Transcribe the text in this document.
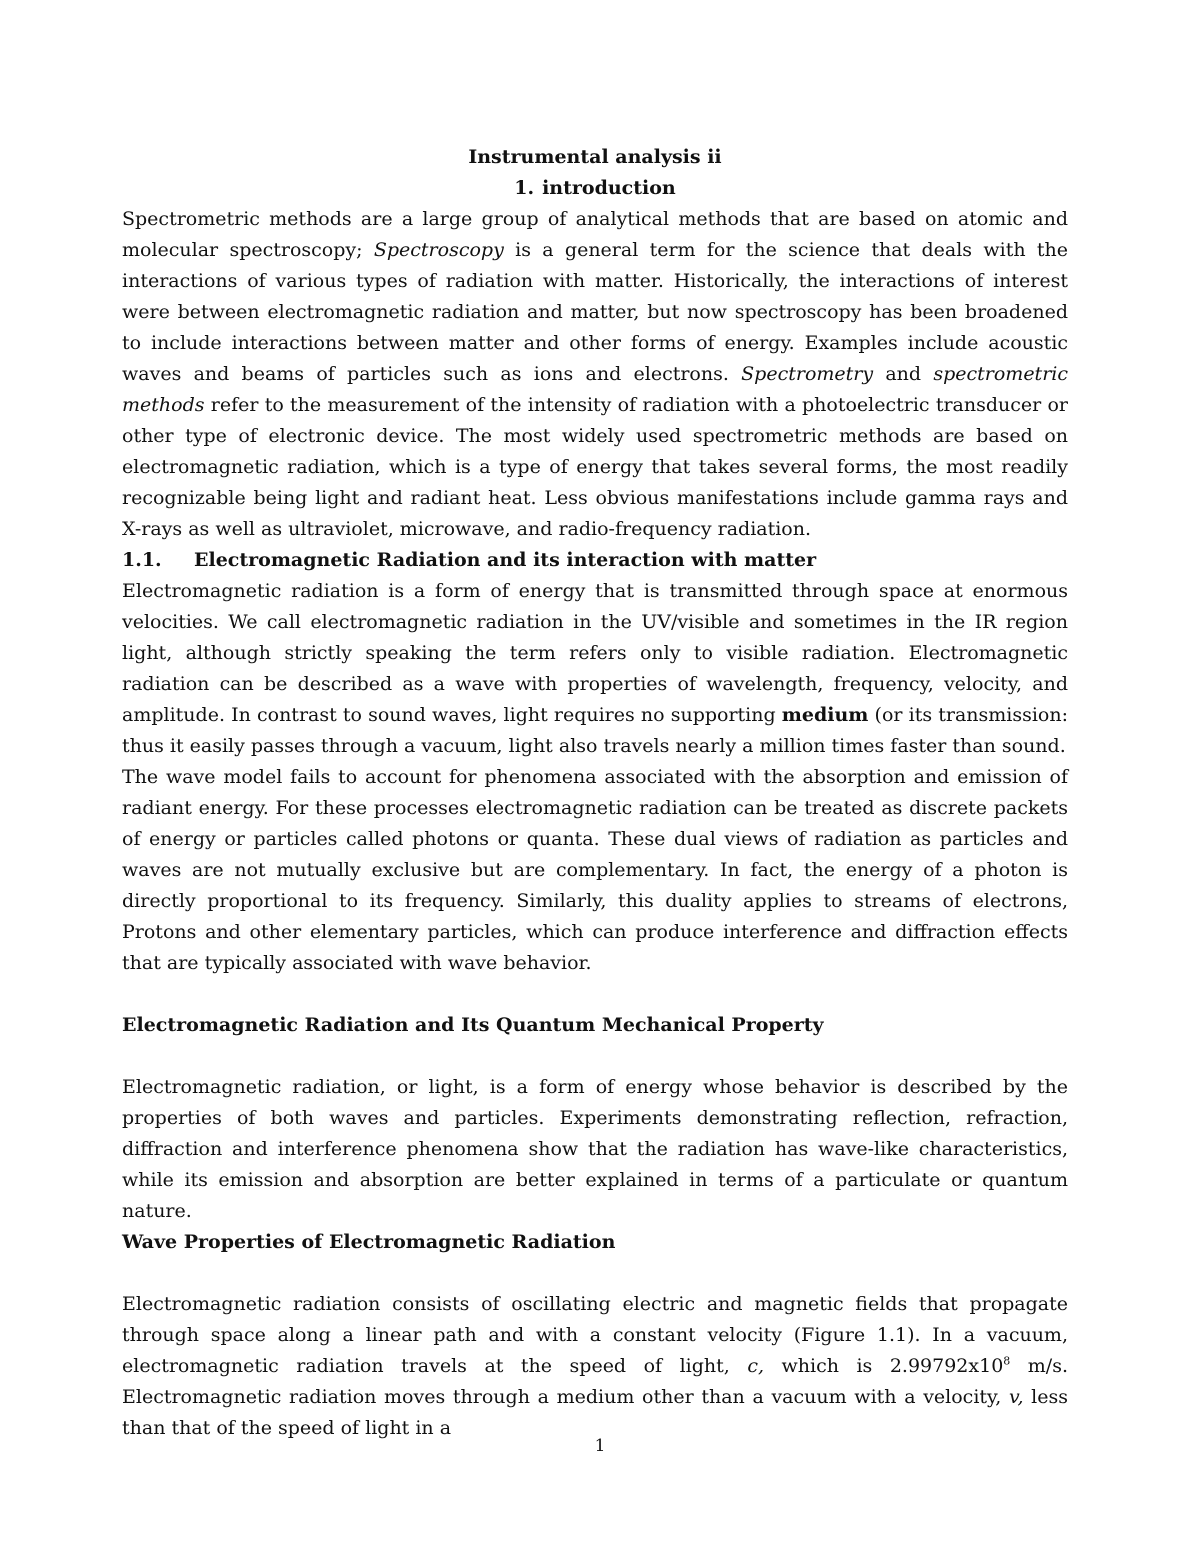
Instrumental analysis ii
1. introduction

Spectrometric methods are a large group of analytical methods that are based on atomic and molecular spectroscopy; Spectroscopy is a general term for the science that deals with the interactions of various types of radiation with matter. Historically, the interactions of interest were between electromagnetic radiation and matter, but now spectroscopy has been broadened to include interactions between matter and other forms of energy. Examples include acoustic waves and beams of particles such as ions and electrons. Spectrometry and spectrometric methods refer to the measurement of the intensity of radiation with a photoelectric transducer or other type of electronic device. The most widely used spectrometric methods are based on electromagnetic radiation, which is a type of energy that takes several forms, the most readily recognizable being light and radiant heat. Less obvious manifestations include gamma rays and X-rays as well as ultraviolet, microwave, and radio-frequency radiation.

1.1. Electromagnetic Radiation and its interaction with matter

Electromagnetic radiation is a form of energy that is transmitted through space at enormous velocities. We call electromagnetic radiation in the UV/visible and sometimes in the IR region light, although strictly speaking the term refers only to visible radiation. Electromagnetic radiation can be described as a wave with properties of wavelength, frequency, velocity, and amplitude. In contrast to sound waves, light requires no supporting medium (or its transmission: thus it easily passes through a vacuum, light also travels nearly a million times faster than sound.

The wave model fails to account for phenomena associated with the absorption and emission of radiant energy. For these processes electromagnetic radiation can be treated as discrete packets of energy or particles called photons or quanta. These dual views of radiation as particles and waves are not mutually exclusive but are complementary. In fact, the energy of a photon is directly proportional to its frequency. Similarly, this duality applies to streams of electrons, Protons and other elementary particles, which can produce interference and diffraction effects that are typically associated with wave behavior.

Electromagnetic Radiation and Its Quantum Mechanical Property

Electromagnetic radiation, or light, is a form of energy whose behavior is described by the properties of both waves and particles. Experiments demonstrating reflection, refraction, diffraction and interference phenomena show that the radiation has wave-like characteristics, while its emission and absorption are better explained in terms of a particulate or quantum nature.

Wave Properties of Electromagnetic Radiation

Electromagnetic radiation consists of oscillating electric and magnetic fields that propagate through space along a linear path and with a constant velocity (Figure 1.1). In a vacuum, electromagnetic radiation travels at the speed of light, c, which is $2.99792x10^8$ m/s. Electromagnetic radiation moves through a medium other than a vacuum with a velocity, v, less than that of the speed of light in a

1
